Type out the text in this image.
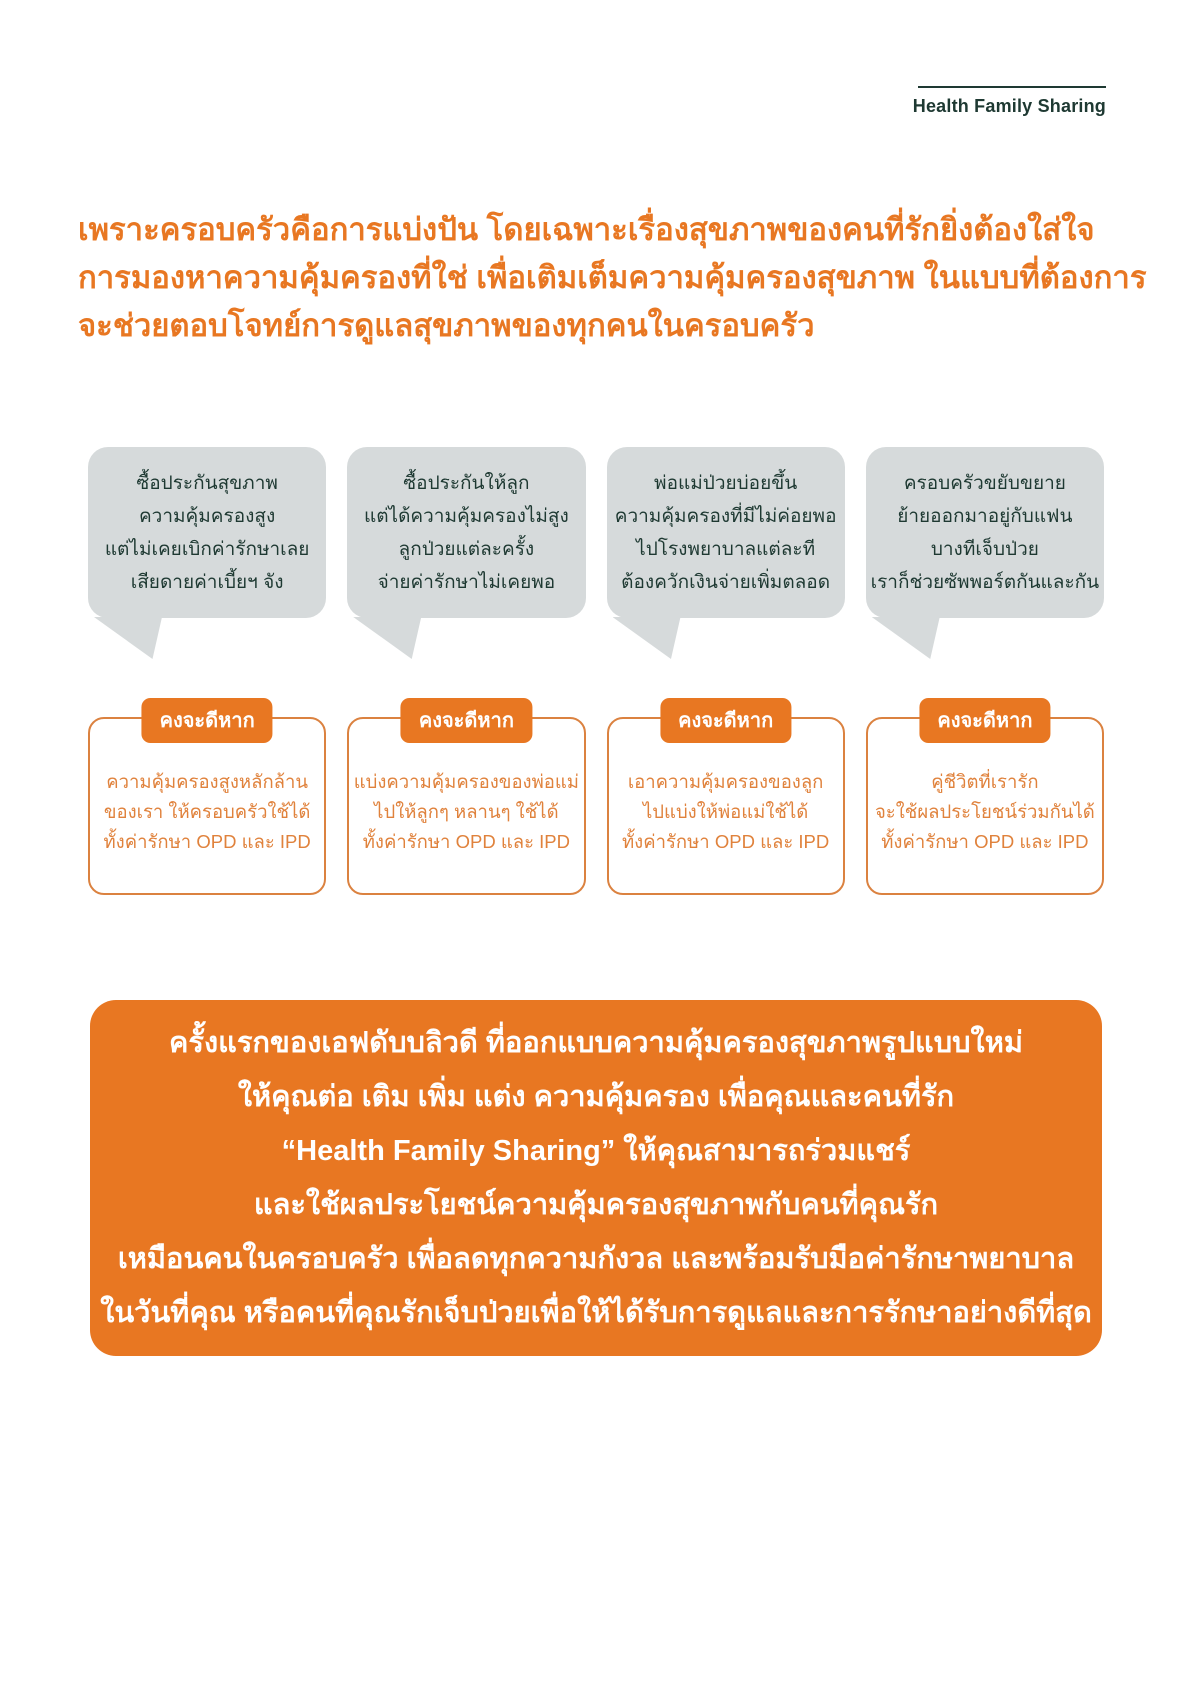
Health Family Sharing
เพราะครอบครัวคือการแบ่งปัน โดยเฉพาะเรื่องสุขภาพของคนที่รักยิ่งต้องใส่ใจ
การมองหาความคุ้มครองที่ใช่ เพื่อเติมเต็มความคุ้มครองสุขภาพ ในแบบที่ต้องการ
จะช่วยตอบโจทย์การดูแลสุขภาพของทุกคนในครอบครัว
ซื้อประกันสุขภาพ
ความคุ้มครองสูง
แต่ไม่เคยเบิกค่ารักษาเลย
เสียดายค่าเบี้ยฯ จัง
คงจะดีหาก
ความคุ้มครองสูงหลักล้าน
ของเรา ให้ครอบครัวใช้ได้
ทั้งค่ารักษา OPD และ IPD
ซื้อประกันให้ลูก
แต่ได้ความคุ้มครองไม่สูง
ลูกป่วยแต่ละครั้ง
จ่ายค่ารักษาไม่เคยพอ
คงจะดีหาก
แบ่งความคุ้มครองของพ่อแม่
ไปให้ลูกๆ หลานๆ ใช้ได้
ทั้งค่ารักษา OPD และ IPD
พ่อแม่ป่วยบ่อยขึ้น
ความคุ้มครองที่มีไม่ค่อยพอ
ไปโรงพยาบาลแต่ละที
ต้องควักเงินจ่ายเพิ่มตลอด
คงจะดีหาก
เอาความคุ้มครองของลูก
ไปแบ่งให้พ่อแม่ใช้ได้
ทั้งค่ารักษา OPD และ IPD
ครอบครัวขยับขยาย
ย้ายออกมาอยู่กับแฟน
บางทีเจ็บป่วย
เราก็ช่วยซัพพอร์ตกันและกัน
คงจะดีหาก
คู่ชีวิตที่เรารัก
จะใช้ผลประโยชน์ร่วมกันได้
ทั้งค่ารักษา OPD และ IPD
ครั้งแรกของเอฟดับบลิวดี ที่ออกแบบความคุ้มครองสุขภาพรูปแบบใหม่
ให้คุณต่อ เติม เพิ่ม แต่ง ความคุ้มครอง เพื่อคุณและคนที่รัก
“Health Family Sharing” ให้คุณสามารถร่วมแชร์
และใช้ผลประโยชน์ความคุ้มครองสุขภาพกับคนที่คุณรัก
เหมือนคนในครอบครัว เพื่อลดทุกความกังวล และพร้อมรับมือค่ารักษาพยาบาล
ในวันที่คุณ หรือคนที่คุณรักเจ็บป่วยเพื่อให้ได้รับการดูแลและการรักษาอย่างดีที่สุด
